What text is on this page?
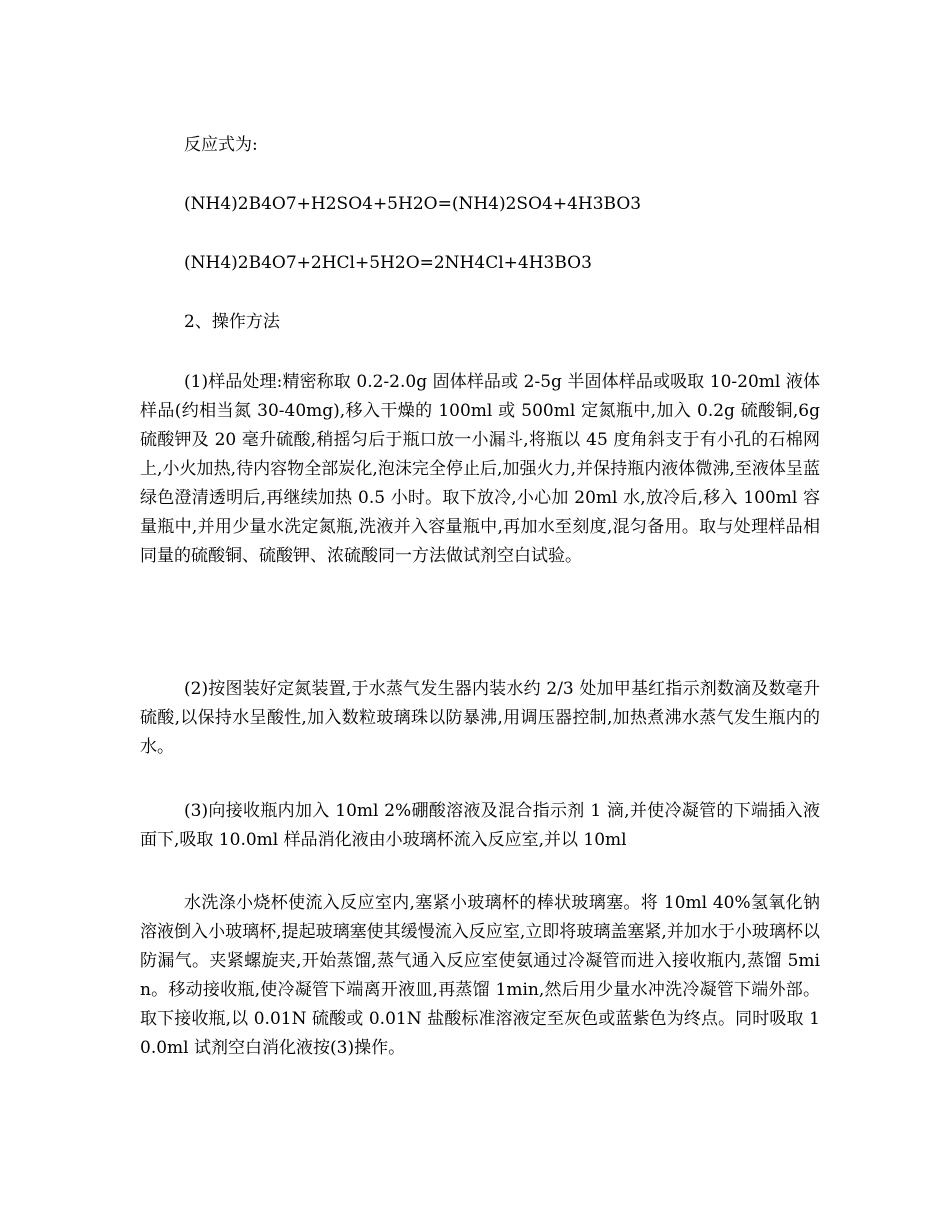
反应式为:

(NH4)2B4O7+H2SO4+5H2O=(NH4)2SO4+4H3BO3

(NH4)2B4O7+2HCl+5H2O=2NH4Cl+4H3BO3

2、操作方法

(1)样品处理:精密称取 0.2-2.0g 固体样品或 2-5g 半固体样品或吸取 10-20ml 液体样品(约相当氮 30-40mg),移入干燥的 100ml 或 500ml 定氮瓶中,加入 0.2g 硫酸铜,6g 硫酸钾及 20 毫升硫酸,稍摇匀后于瓶口放一小漏斗,将瓶以 45 度角斜支于有小孔的石棉网上,小火加热,待内容物全部炭化,泡沫完全停止后,加强火力,并保持瓶内液体微沸,至液体呈蓝绿色澄清透明后,再继续加热 0.5 小时。取下放冷,小心加 20ml 水,放冷后,移入 100ml 容量瓶中,并用少量水洗定氮瓶,洗液并入容量瓶中,再加水至刻度,混匀备用。取与处理样品相同量的硫酸铜、硫酸钾、浓硫酸同一方法做试剂空白试验。

(2)按图装好定氮装置,于水蒸气发生器内装水约 2/3 处加甲基红指示剂数滴及数毫升硫酸,以保持水呈酸性,加入数粒玻璃珠以防暴沸,用调压器控制,加热煮沸水蒸气发生瓶内的水。

(3)向接收瓶内加入 10ml 2%硼酸溶液及混合指示剂 1 滴,并使冷凝管的下端插入液面下,吸取 10.0ml 样品消化液由小玻璃杯流入反应室,并以 10ml

水洗涤小烧杯使流入反应室内,塞紧小玻璃杯的棒状玻璃塞。将 10ml 40%氢氧化钠溶液倒入小玻璃杯,提起玻璃塞使其缓慢流入反应室,立即将玻璃盖塞紧,并加水于小玻璃杯以防漏气。夹紧螺旋夹,开始蒸馏,蒸气通入反应室使氨通过冷凝管而进入接收瓶内,蒸馏 5min。移动接收瓶,使冷凝管下端离开液皿,再蒸馏 1min,然后用少量水冲洗冷凝管下端外部。取下接收瓶,以 0.01N 硫酸或 0.01N 盐酸标准溶液定至灰色或蓝紫色为终点。同时吸取 10.0ml 试剂空白消化液按(3)操作。
